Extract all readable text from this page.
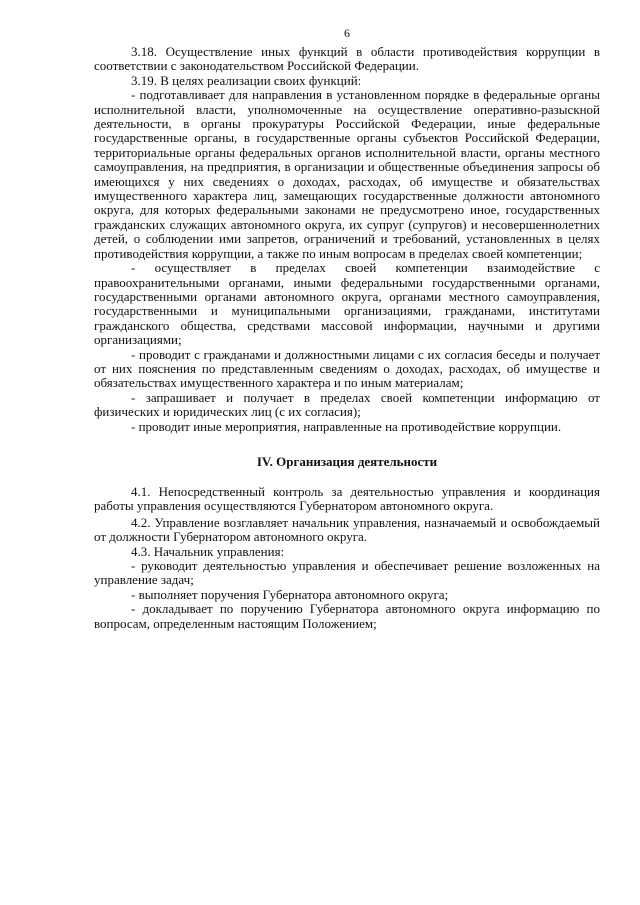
6

3.18. Осуществление иных функций в области противодействия коррупции в соответствии с законодательством Российской Федерации.

3.19. В целях реализации своих функций:

- подготавливает для направления в установленном порядке в федеральные органы исполнительной власти, уполномоченные на осуществление оперативно-разыскной деятельности, в органы прокуратуры Российской Федерации, иные федеральные государственные органы, в государственные органы субъектов Российской Федерации, территориальные органы федеральных органов исполнительной власти, органы местного самоуправления, на предприятия, в организации и общественные объединения запросы об имеющихся у них сведениях о доходах, расходах, об имуществе и обязательствах имущественного характера лиц, замещающих государственные должности автономного округа, для которых федеральными законами не предусмотрено иное, государственных гражданских служащих автономного округа, их супруг (супругов) и несовершеннолетних детей, о соблюдении ими запретов, ограничений и требований, установленных в целях противодействия коррупции, а также по иным вопросам в пределах своей компетенции;

- осуществляет в пределах своей компетенции взаимодействие с правоохранительными органами, иными федеральными государственными органами, государственными органами автономного округа, органами местного самоуправления, государственными и муниципальными организациями, гражданами, институтами гражданского общества, средствами массовой информации, научными и другими организациями;

- проводит с гражданами и должностными лицами с их согласия беседы и получает от них пояснения по представленным сведениям о доходах, расходах, об имуществе и обязательствах имущественного характера и по иным материалам;

- запрашивает и получает в пределах своей компетенции информацию от физических и юридических лиц (с их согласия);

- проводит иные мероприятия, направленные на противодействие коррупции.

IV. Организация деятельности

4.1. Непосредственный контроль за деятельностью управления и координация работы управления осуществляются Губернатором автономного округа.

4.2. Управление возглавляет начальник управления, назначаемый и освобождаемый от должности Губернатором автономного округа.

4.3. Начальник управления:

- руководит деятельностью управления и обеспечивает решение возложенных на управление задач;

- выполняет поручения Губернатора автономного округа;

- докладывает по поручению Губернатора автономного округа информацию по вопросам, определенным настоящим Положением;
